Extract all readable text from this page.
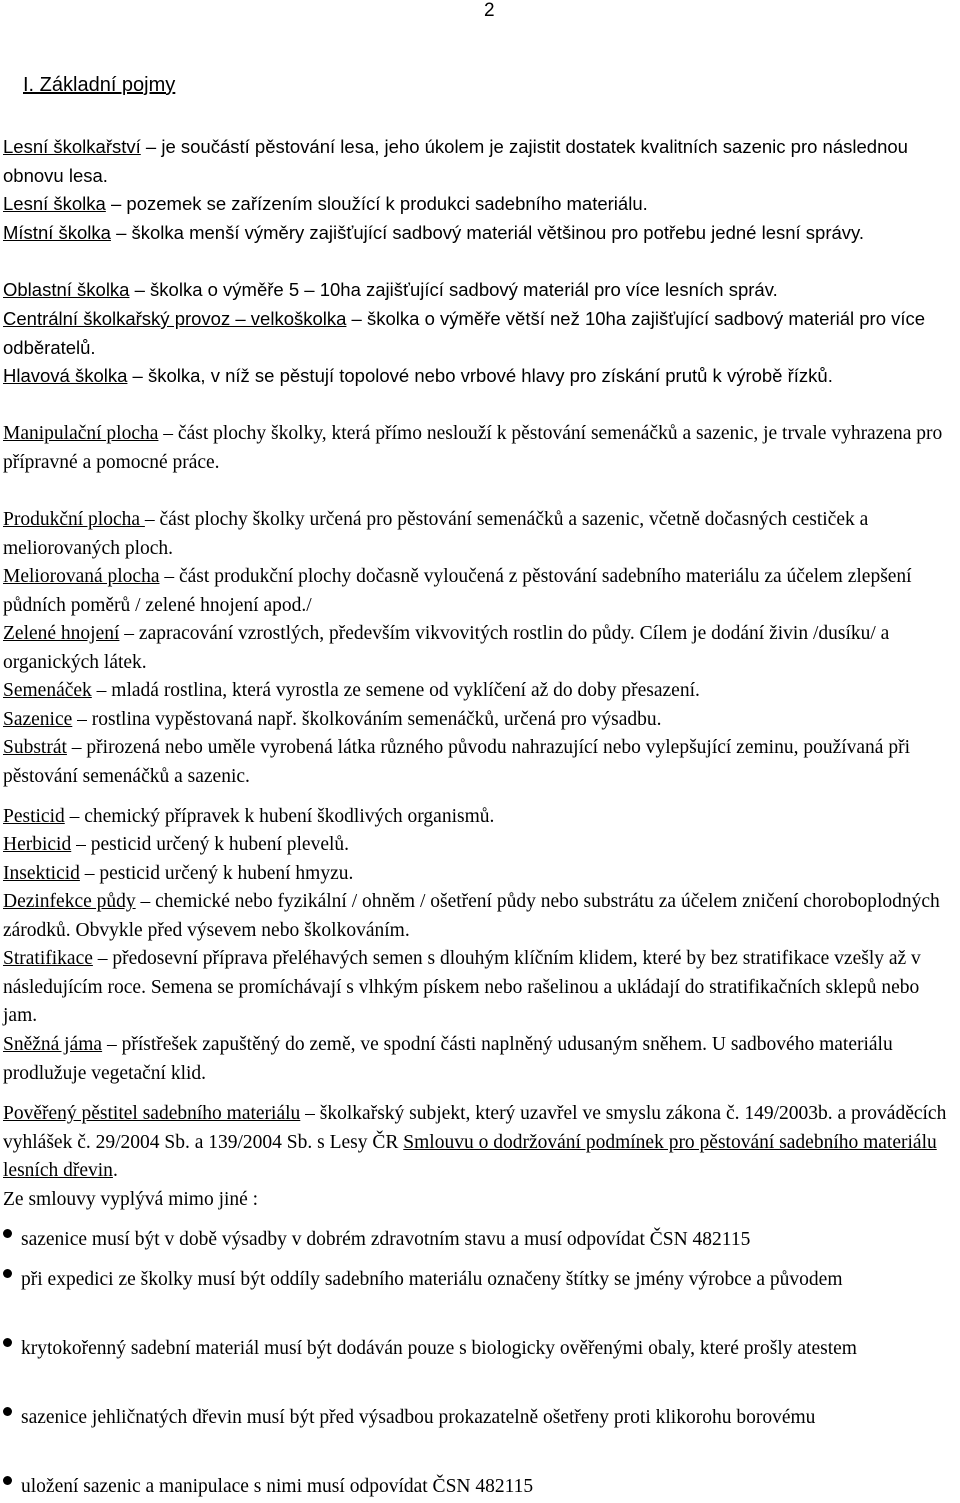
2
I. Základní pojmy

Lesní školkařství – je součástí pěstování lesa, jeho úkolem je zajistit dostatek kvalitních sazenic pro následnou obnovu lesa.

Lesní školka – pozemek se zařízením sloužící k produkci sadebního materiálu.

Místní školka – školka menší výměry zajišťující sadbový materiál většinou pro potřebu jedné lesní správy.

Oblastní školka – školka o výměře 5 – 10ha zajišťující sadbový materiál pro více lesních správ.

Centrální školkařský provoz – velkoškolka – školka o výměře větší než 10ha zajišťující sadbový materiál pro více odběratelů.

Hlavová školka – školka, v níž se pěstují topolové nebo vrbové hlavy pro získání prutů k výrobě řízků.

Manipulační plocha – část plochy školky, která přímo neslouží k pěstování semenáčků a sazenic, je trvale vyhrazena pro přípravné a pomocné práce.

Produkční plocha – část plochy školky určená pro pěstování semenáčků a sazenic, včetně dočasných cestiček a meliorovaných ploch.

Meliorovaná plocha – část produkční plochy dočasně vyloučená z pěstování sadebního materiálu za účelem zlepšení půdních poměrů / zelené hnojení apod./

Zelené hnojení – zapracování vzrostlých, především vikvovitých rostlin do půdy. Cílem je dodání živin /dusíku/ a organických látek.

Semenáček – mladá rostlina, která vyrostla ze semene od vyklíčení až do doby přesazení.

Sazenice – rostlina vypěstovaná např. školkováním semenáčků, určená pro výsadbu.

Substrát – přirozená nebo uměle vyrobená látka různého původu nahrazující nebo vylepšující zeminu, používaná při pěstování semenáčků a sazenic.

Pesticid – chemický přípravek k hubení škodlivých organismů.

Herbicid – pesticid určený k hubení plevelů.

Insekticid – pesticid určený k hubení hmyzu.

Dezinfekce půdy – chemické nebo fyzikální / ohněm / ošetření půdy nebo substrátu za účelem zničení choroboplodných zárodků. Obvykle před výsevem nebo školkováním.

Stratifikace – předosevní příprava přeléhavých semen s dlouhým klíčním klidem, které by bez stratifikace vzešly až v následujícím roce. Semena se promíchávají s vlhkým pískem nebo rašelinou a ukládají do stratifikačních sklepů nebo jam.

Sněžná jáma – přístřešek zapuštěný do země, ve spodní části naplněný udusaným sněhem. U sadbového materiálu prodlužuje vegetační klid.

Pověřený pěstitel sadebního materiálu – školkařský subjekt, který uzavřel ve smyslu zákona č. 149/2003b. a prováděcích vyhlášek č. 29/2004 Sb. a 139/2004 Sb. s Lesy ČR Smlouvu o dodržování podmínek pro pěstování sadebního materiálu lesních dřevin.
Ze smlouvy vyplývá mimo jiné :

sazenice musí být v době výsadby v dobrém zdravotním stavu a musí odpovídat ČSN 482115
při expedici ze školky musí být oddíly sadebního materiálu označeny štítky se jmény výrobce a původem
krytokořenný sadební materiál musí být dodáván pouze s biologicky ověřenými obaly, které prošly atestem
sazenice jehličnatých dřevin musí být před výsadbou prokazatelně ošetřeny proti klikorohu borovému
uložení sazenic a manipulace s nimi musí odpovídat ČSN 482115
